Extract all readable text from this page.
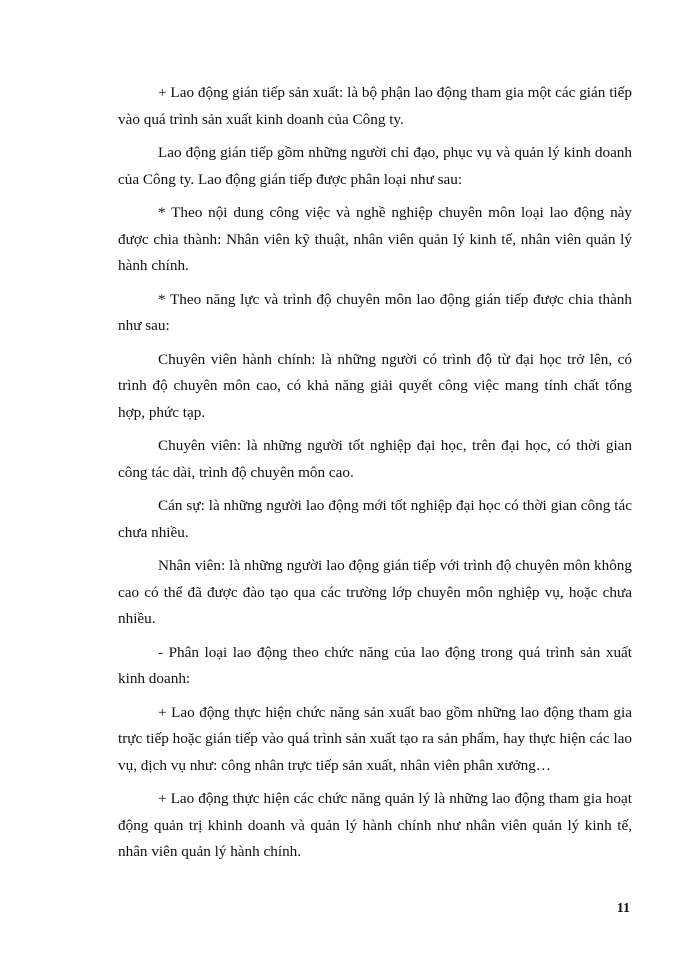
+ Lao động gián tiếp sản xuất: là bộ phận lao động tham gia một các gián tiếp vào quá trình sản xuất kinh doanh của Công ty.

Lao động gián tiếp gồm những người chỉ đạo, phục vụ và quản lý kinh doanh của Công ty. Lao động gián tiếp được phân loại như sau:

* Theo nội dung công việc và nghề nghiệp chuyên môn loại lao động này được chia thành: Nhân viên kỹ thuật, nhân viên quản lý kinh tế, nhân viên quản lý hành chính.

* Theo năng lực và trình độ chuyên môn lao động gián tiếp được chia thành như sau:

Chuyên viên hành chính: là những người có trình độ từ đại học trở lên, có trình độ chuyên môn cao, có khả năng giải quyết công việc mang tính chất tổng hợp, phức tạp.

Chuyên viên: là những người tốt nghiệp đại học, trên đại học, có thời gian công tác dài, trình độ chuyên môn cao.

Cán sự: là những người lao động mới tốt nghiệp đại học có thời gian công tác chưa nhiều.

Nhân viên: là những người lao động gián tiếp với trình độ chuyên môn không cao có thể đã được đào tạo qua các trường lớp chuyên môn nghiệp vụ, hoặc chưa nhiều.

- Phân loại lao động theo chức năng của lao động trong quá trình sản xuất kinh doanh:

+ Lao động thực hiện chức năng sản xuất bao gồm những lao động tham gia trực tiếp hoặc gián tiếp vào quá trình sản xuất tạo ra sản phẩm, hay thực hiện các lao vụ, dịch vụ như: công nhân trực tiếp sản xuất, nhân viên phân xưởng…

+ Lao động thực hiện các chức năng quản lý là những lao động tham gia hoạt động quản trị khinh doanh và quản lý hành chính như nhân viên quản lý kinh tế, nhân viên quản lý hành chính.

11
